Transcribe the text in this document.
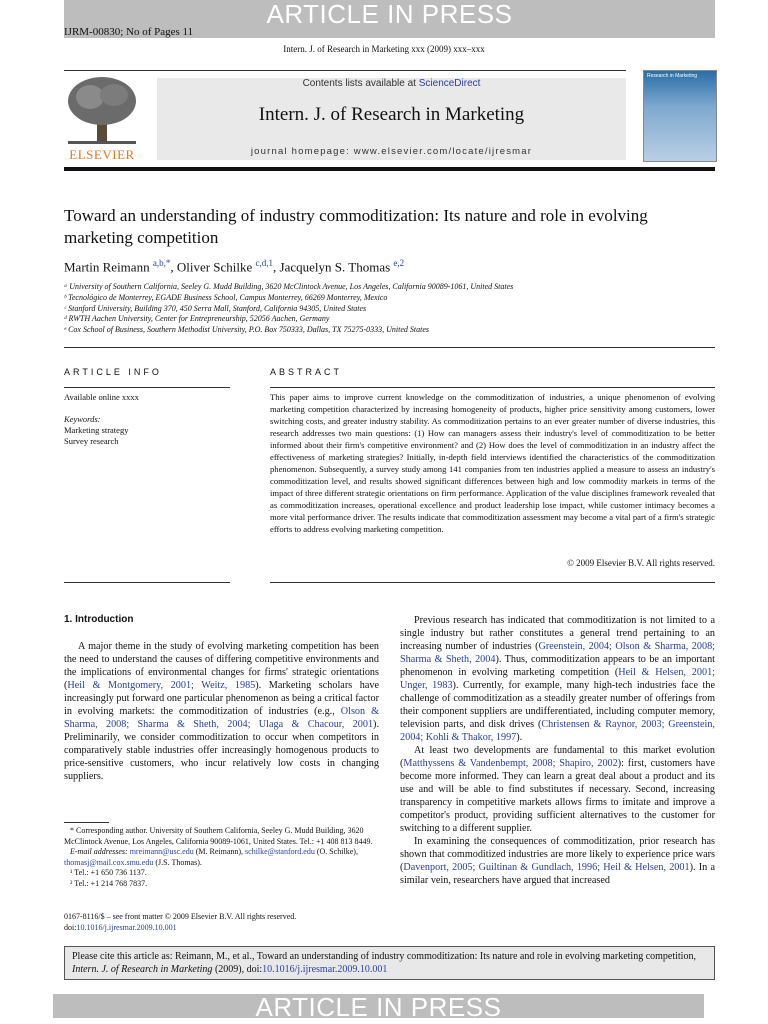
ARTICLE IN PRESS
IJRM-00830; No of Pages 11
Intern. J. of Research in Marketing xxx (2009) xxx–xxx
ELSEVIER
Contents lists available at ScienceDirect
Intern. J. of Research in Marketing
journal homepage: www.elsevier.com/locate/ijresmar
Research in Marketing
Toward an understanding of industry commoditization: Its nature and role in evolving marketing competition
Martin Reimann $^{a,b,*}$, Oliver Schilke $^{c,d,1}$, Jacquelyn S. Thomas $^{e,2}$
ᵃ University of Southern California, Seeley G. Mudd Building, 3620 McClintock Avenue, Los Angeles, California 90089-1061, United States
ᵇ Tecnológico de Monterrey, EGADE Business School, Campus Monterrey, 66269 Monterrey, Mexico
ᶜ Stanford University, Building 370, 450 Serra Mall, Stanford, California 94305, United States
ᵈ RWTH Aachen University, Center for Entrepreneurship, 52056 Aachen, Germany
ᵉ Cox School of Business, Southern Methodist University, P.O. Box 750333, Dallas, TX 75275-0333, United States
ARTICLE INFO	ABSTRACT
Available online xxxx
Keywords:
Marketing strategy
Survey research
This paper aims to improve current knowledge on the commoditization of industries, a unique phenomenon of evolving marketing competition characterized by increasing homogeneity of products, higher price sensitivity among customers, lower switching costs, and greater industry stability. As commoditization pertains to an ever greater number of diverse industries, this research addresses two main questions: (1) How can managers assess their industry's level of commoditization to be better informed about their firm's competitive environment? and (2) How does the level of commoditization in an industry affect the effectiveness of marketing strategies? Initially, in-depth field interviews identified the characteristics of the commoditization phenomenon. Subsequently, a survey study among 141 companies from ten industries applied a measure to assess an industry's commoditization level, and results showed significant differences between high and low commodity markets in terms of the impact of three different strategic orientations on firm performance. Application of the value disciplines framework revealed that as commoditization increases, operational excellence and product leadership lose impact, while customer intimacy becomes a more vital performance driver. The results indicate that commoditization assessment may become a vital part of a firm's strategic efforts to address evolving marketing competition.
© 2009 Elsevier B.V. All rights reserved.
1. Introduction

A major theme in the study of evolving marketing competition has been the need to understand the causes of differing competitive environments and the implications of environmental changes for firms' strategic orientations (Heil & Montgomery, 2001; Weitz, 1985). Marketing scholars have increasingly put forward one particular phenomenon as being a critical factor in evolving markets: the commoditization of industries (e.g., Olson & Sharma, 2008; Sharma & Sheth, 2004; Ulaga & Chacour, 2001). Preliminarily, we consider commoditization to occur when competitors in comparatively stable industries offer increasingly homogenous products to price-sensitive customers, who incur relatively low costs in changing suppliers.

Previous research has indicated that commoditization is not limited to a single industry but rather constitutes a general trend pertaining to an increasing number of industries (Greenstein, 2004; Olson & Sharma, 2008; Sharma & Sheth, 2004). Thus, commoditization appears to be an important phenomenon in evolving marketing competition (Heil & Helsen, 2001; Unger, 1983). Currently, for example, many high-tech industries face the challenge of commoditization as a steadily greater number of offerings from their component suppliers are undifferentiated, including computer memory, television parts, and disk drives (Christensen & Raynor, 2003; Greenstein, 2004; Kohli & Thakor, 1997).

At least two developments are fundamental to this market evolution (Matthyssens & Vandenbempt, 2008; Shapiro, 2002): first, customers have become more informed. They can learn a great deal about a product and its use and will be able to find substitutes if necessary. Second, increasing transparency in competitive markets allows firms to imitate and improve a competitor's product, providing sufficient alternatives to the customer for switching to a different supplier.

In examining the consequences of commoditization, prior research has shown that commoditized industries are more likely to experience price wars (Davenport, 2005; Guiltinan & Gundlach, 1996; Heil & Helsen, 2001). In a similar vein, researchers have argued that increased

* Corresponding author. University of Southern California, Seeley G. Mudd Building, 3620 McClintock Avenue, Los Angeles, California 90089-1061, United States. Tel.: +1 408 813 8449.
E-mail addresses: mreimann@usc.edu (M. Reimann), schilke@stanford.edu (O. Schilke), thomasj@mail.cox.smu.edu (J.S. Thomas).
¹ Tel.: +1 650 736 1137.
² Tel.: +1 214 768 7837.
0167-8116/$ – see front matter © 2009 Elsevier B.V. All rights reserved.
doi:10.1016/j.ijresmar.2009.10.001
Please cite this article as: Reimann, M., et al., Toward an understanding of industry commoditization: Its nature and role in evolving marketing competition, Intern. J. of Research in Marketing (2009), doi:10.1016/j.ijresmar.2009.10.001
ARTICLE IN PRESS
